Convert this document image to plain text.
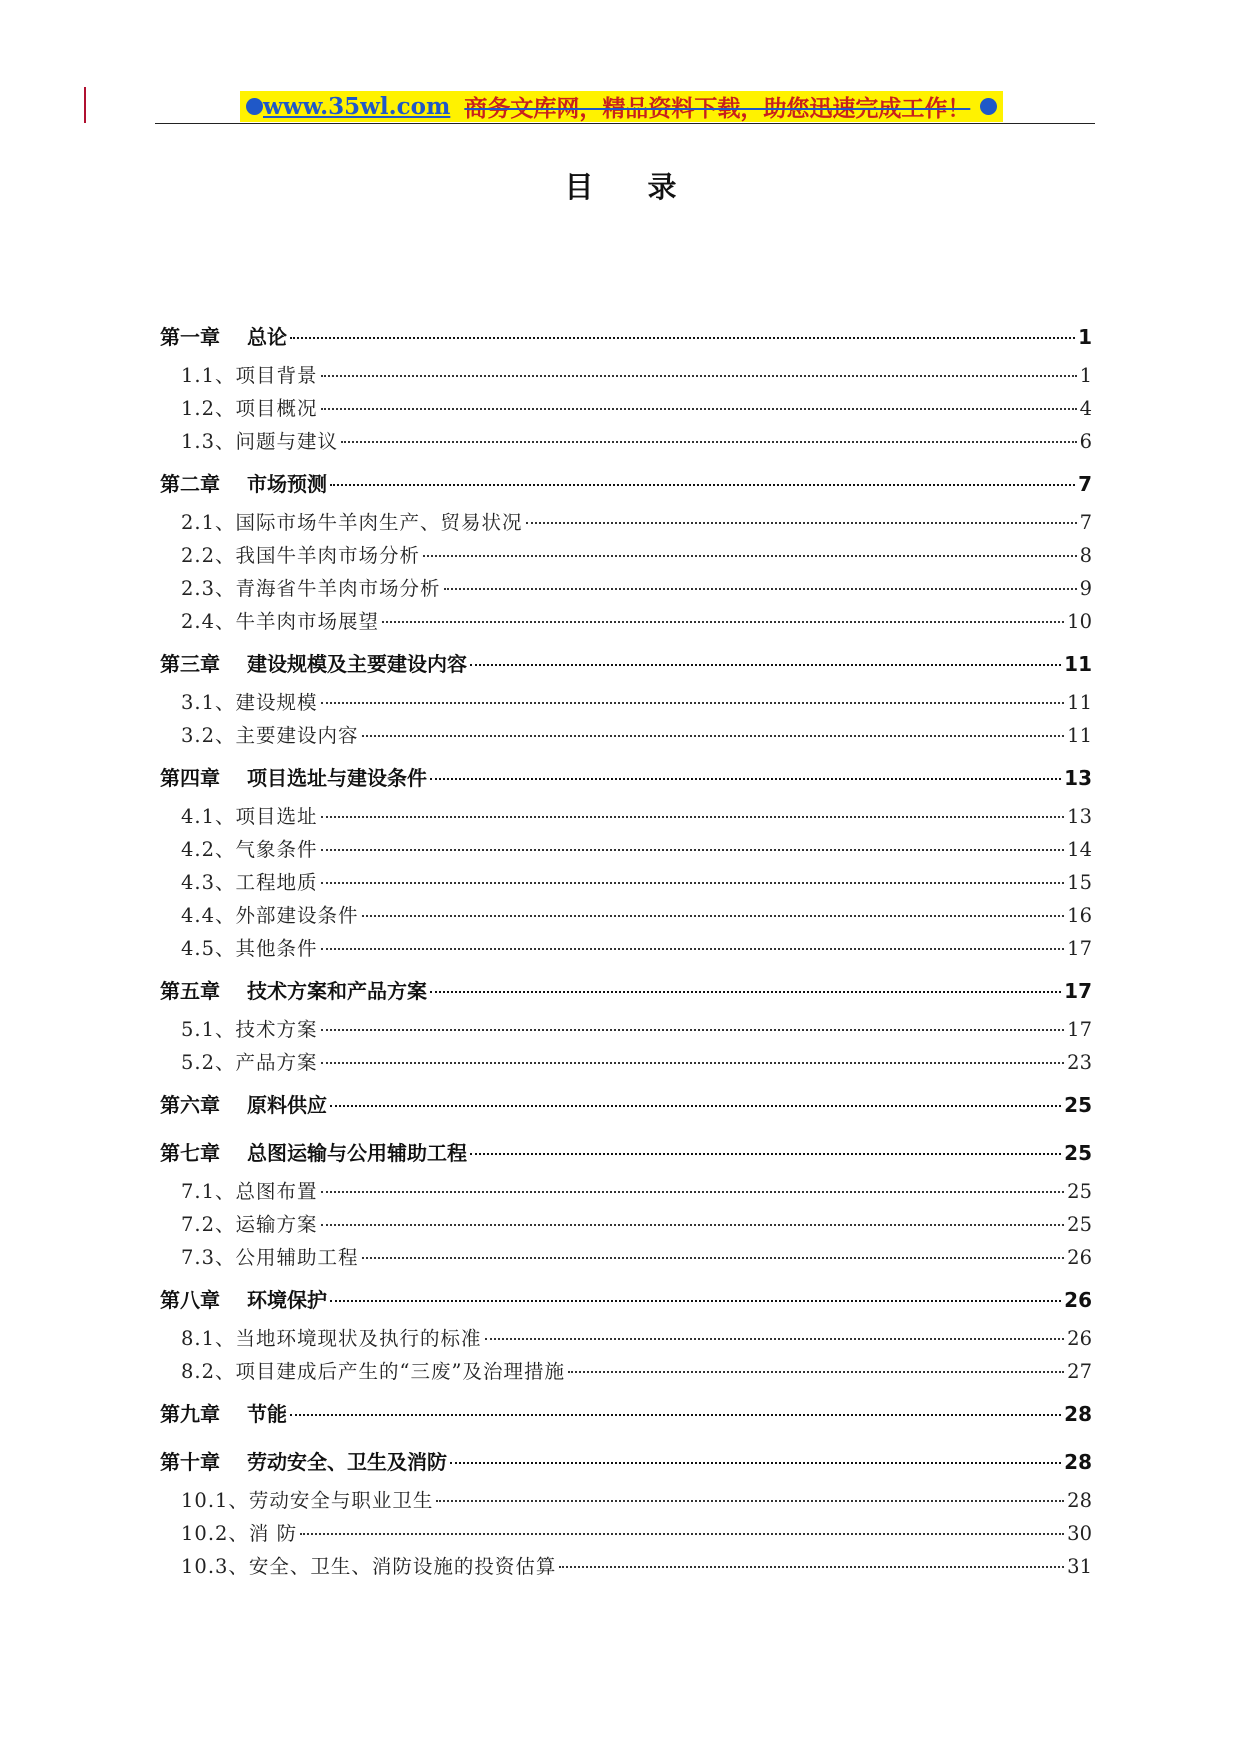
www.35wl.com 商务文库网，精品资料下载，助您迅速完成工作！
目 录
第一章 总论	1
1.1、项目背景	1
1.2、项目概况	4
1.3、问题与建议	6
第二章 市场预测	7
2.1、国际市场牛羊肉生产、贸易状况	7
2.2、我国牛羊肉市场分析	8
2.3、青海省牛羊肉市场分析	9
2.4、牛羊肉市场展望	10
第三章 建设规模及主要建设内容	11
3.1、建设规模	11
3.2、主要建设内容	11
第四章 项目选址与建设条件	13
4.1、项目选址	13
4.2、气象条件	14
4.3、工程地质	15
4.4、外部建设条件	16
4.5、其他条件	17
第五章 技术方案和产品方案	17
5.1、技术方案	17
5.2、产品方案	23
第六章 原料供应	25
第七章 总图运输与公用辅助工程	25
7.1、总图布置	25
7.2、运输方案	25
7.3、公用辅助工程	26
第八章 环境保护	26
8.1、当地环境现状及执行的标准	26
8.2、项目建成后产生的“三废”及治理措施	27
第九章 节能	28
第十章 劳动安全、卫生及消防	28
10.1、劳动安全与职业卫生	28
10.2、消 防	30
10.3、安全、卫生、消防设施的投资估算	31
